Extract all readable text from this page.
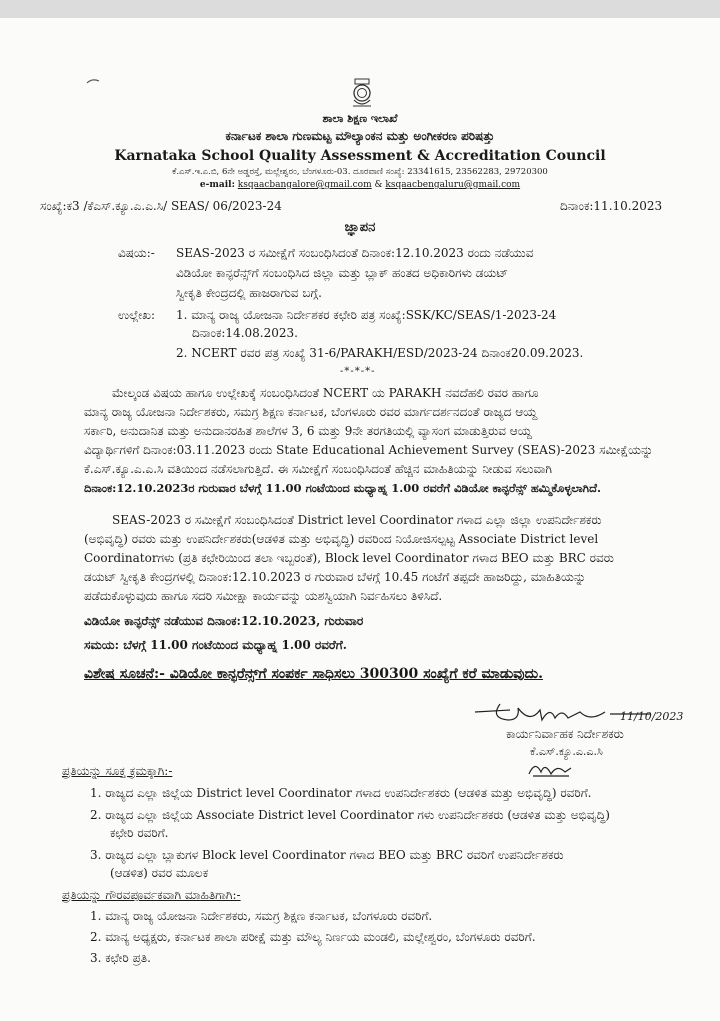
ಶಾಲಾ ಶಿಕ್ಷಣ ಇಲಾಖೆ
ಕರ್ನಾಟಕ ಶಾಲಾ ಗುಣಮಟ್ಟ ಮೌಲ್ಯಾಂಕನ ಮತ್ತು ಅಂಗೀಕರಣ ಪರಿಷತ್ತು
Karnataka School Quality Assessment & Accreditation Council
ಕೆ.ಎಸ್.ಇ.ಎ.ಬಿ, 6ನೇ ಅಡ್ಡರಸ್ತೆ, ಮಲ್ಲೇಶ್ವರಂ, ಬೆಂಗಳೂರು-03. ದೂರವಾಣಿ ಸಂಖ್ಯೆ: 23341615, 23562283, 29720300
e-mail: ksqaacbangalore@gmail.com & ksqaacbengaluru@gmail.com
ಸಂಖ್ಯೆ:ಕ3 /ಕೆಎಸ್.ಕ್ಯೂ.ಎ.ಎ.ಸಿ/ SEAS/ 06/2023-24	ದಿನಾಂಕ:11.10.2023
ಜ್ಞಾಪನ
ವಿಷಯ:- SEAS-2023 ರ ಸಮೀಕ್ಷೆಗೆ ಸಂಬಂಧಿಸಿದಂತೆ ದಿನಾಂಕ:12.10.2023 ರಂದು ನಡೆಯುವ
ವಿಡಿಯೋ ಕಾನ್ಫರೆನ್ಸ್‌ಗೆ ಸಂಬಂಧಿಸಿದ ಜಿಲ್ಲಾ ಮತ್ತು ಬ್ಲಾಕ್ ಹಂತದ ಅಧಿಕಾರಿಗಳು ಡಯಟ್
ಸ್ವೀಕೃತಿ ಕೇಂದ್ರದಲ್ಲಿ ಹಾಜರಾಗುವ ಬಗ್ಗೆ.
ಉಲ್ಲೇಖ: 1. ಮಾನ್ಯ ರಾಜ್ಯ ಯೋಜನಾ ನಿರ್ದೇಶಕರ ಕಛೇರಿ ಪತ್ರ ಸಂಖ್ಯೆ:SSK/KC/SEAS/1-2023-24
ದಿನಾಂಕ:14.08.2023.
2. NCERT ರವರ ಪತ್ರ ಸಂಖ್ಯೆ 31-6/PARAKH/ESD/2023-24 ದಿನಾಂಕ20.09.2023.
-*-*-*-
ಮೇಲ್ಕಂಡ ವಿಷಯ ಹಾಗೂ ಉಲ್ಲೇಖಕ್ಕೆ ಸಂಬಂಧಿಸಿದಂತೆ NCERT ಯ PARAKH ನವದೆಹಲಿ ರವರ ಹಾಗೂ
ಮಾನ್ಯ ರಾಜ್ಯ ಯೋಜನಾ ನಿರ್ದೇಶಕರು, ಸಮಗ್ರ ಶಿಕ್ಷಣ ಕರ್ನಾಟಕ, ಬೆಂಗಳೂರು ರವರ ಮಾರ್ಗದರ್ಶನದಂತೆ ರಾಜ್ಯದ ಆಯ್ದ
ಸರ್ಕಾರಿ, ಅನುದಾನಿತ ಮತ್ತು ಅನುದಾನರಹಿತ ಶಾಲೆಗಳ 3, 6 ಮತ್ತು 9ನೇ ತರಗತಿಯಲ್ಲಿ ವ್ಯಾಸಂಗ ಮಾಡುತ್ತಿರುವ ಆಯ್ದ
ವಿದ್ಯಾರ್ಥಿಗಳಿಗೆ ದಿನಾಂಕ:03.11.2023 ರಂದು State Educational Achievement Survey (SEAS)-2023 ಸಮೀಕ್ಷೆಯನ್ನು
ಕೆ.ಎಸ್.ಕ್ಯೂ.ಎ.ಎ.ಸಿ ವತಿಯಿಂದ ನಡೆಸಲಾಗುತ್ತಿದೆ. ಈ ಸಮೀಕ್ಷೆಗೆ ಸಂಬಂಧಿಸಿದಂತೆ ಹೆಚ್ಚಿನ ಮಾಹಿತಿಯನ್ನು ನೀಡುವ ಸಲುವಾಗಿ
ದಿನಾಂಕ:12.10.2023ರ ಗುರುವಾರ ಬೆಳಗ್ಗೆ 11.00 ಗಂಟೆಯಿಂದ ಮಧ್ಯಾಹ್ನ 1.00 ರವರೆಗೆ ವಿಡಿಯೋ ಕಾನ್ಫರೆನ್ಸ್ ಹಮ್ಮಿಕೊಳ್ಳಲಾಗಿದೆ.
SEAS-2023 ರ ಸಮೀಕ್ಷೆಗೆ ಸಂಬಂಧಿಸಿದಂತೆ District level Coordinator ಗಳಾದ ಎಲ್ಲಾ ಜಿಲ್ಲಾ ಉಪನಿರ್ದೇಶಕರು
(ಅಭಿವೃದ್ಧಿ) ರವರು ಮತ್ತು ಉಪನಿರ್ದೇಶಕರು(ಆಡಳಿತ ಮತ್ತು ಅಭಿವೃದ್ಧಿ) ರವರಿಂದ ನಿಯೋಜಿಸಲ್ಪಟ್ಟ Associate District level
Coordinatorಗಳು (ಪ್ರತಿ ಕಛೇರಿಯಿಂದ ತಲಾ ಇಬ್ಬರಂತೆ), Block level Coordinator ಗಳಾದ BEO ಮತ್ತು BRC ರವರು
ಡಯಟ್ ಸ್ವೀಕೃತಿ ಕೇಂದ್ರಗಳಲ್ಲಿ ದಿನಾಂಕ:12.10.2023 ರ ಗುರುವಾರ ಬೆಳಗ್ಗೆ 10.45 ಗಂಟೆಗೆ ತಪ್ಪದೇ ಹಾಜರಿದ್ದು, ಮಾಹಿತಿಯನ್ನು
ಪಡೆದುಕೊಳ್ಳುವುದು ಹಾಗೂ ಸದರಿ ಸಮೀಕ್ಷಾ ಕಾರ್ಯವನ್ನು ಯಶಸ್ವಿಯಾಗಿ ನಿರ್ವಹಿಸಲು ತಿಳಿಸಿದೆ.
ವಿಡಿಯೋ ಕಾನ್ಫರೆನ್ಸ್ ನಡೆಯುವ ದಿನಾಂಕ:12.10.2023, ಗುರುವಾರ
ಸಮಯ: ಬೆಳಗ್ಗೆ 11.00 ಗಂಟೆಯಿಂದ ಮಧ್ಯಾಹ್ನ 1.00 ರವರೆಗೆ.
ವಿಶೇಷ ಸೂಚನೆ:- ವಿಡಿಯೋ ಕಾನ್ಫರೆನ್ಸ್‌ಗೆ ಸಂಪರ್ಕ ಸಾಧಿಸಲು 300300 ಸಂಖ್ಯೆಗೆ ಕರೆ ಮಾಡುವುದು.
11/10/2023
ಕಾರ್ಯನಿರ್ವಾಹಕ ನಿರ್ದೇಶಕರು
ಕೆ.ಎಸ್.ಕ್ಯೂ.ಎ.ಎ.ಸಿ
ಪ್ರತಿಯನ್ನು ಸೂಕ್ತ ಕ್ರಮಕ್ಕಾಗಿ:-
1. ರಾಜ್ಯದ ಎಲ್ಲಾ ಜಿಲ್ಲೆಯ District level Coordinator ಗಳಾದ ಉಪನಿರ್ದೇಶಕರು (ಆಡಳಿತ ಮತ್ತು ಅಭಿವೃದ್ಧಿ) ರವರಿಗೆ.
2. ರಾಜ್ಯದ ಎಲ್ಲಾ ಜಿಲ್ಲೆಯ Associate District level Coordinator ಗಳು ಉಪನಿರ್ದೇಶಕರು (ಆಡಳಿತ ಮತ್ತು ಅಭಿವೃದ್ಧಿ)
ಕಛೇರಿ ರವರಿಗೆ.
3. ರಾಜ್ಯದ ಎಲ್ಲಾ ಬ್ಲಾಕುಗಳ Block level Coordinator ಗಳಾದ BEO ಮತ್ತು BRC ರವರಿಗೆ ಉಪನಿರ್ದೇಶಕರು
(ಆಡಳಿತ) ರವರ ಮೂಲಕ
ಪ್ರತಿಯನ್ನು ಗೌರವಪೂರ್ವಕವಾಗಿ ಮಾಹಿತಿಗಾಗಿ:-
1. ಮಾನ್ಯ ರಾಜ್ಯ ಯೋಜನಾ ನಿರ್ದೇಶಕರು, ಸಮಗ್ರ ಶಿಕ್ಷಣ ಕರ್ನಾಟಕ, ಬೆಂಗಳೂರು ರವರಿಗೆ.
2. ಮಾನ್ಯ ಅಧ್ಯಕ್ಷರು, ಕರ್ನಾಟಕ ಶಾಲಾ ಪರೀಕ್ಷೆ ಮತ್ತು ಮೌಲ್ಯ ನಿರ್ಣಯ ಮಂಡಲಿ, ಮಲ್ಲೇಶ್ವರಂ, ಬೆಂಗಳೂರು ರವರಿಗೆ.
3. ಕಛೇರಿ ಪ್ರತಿ.
